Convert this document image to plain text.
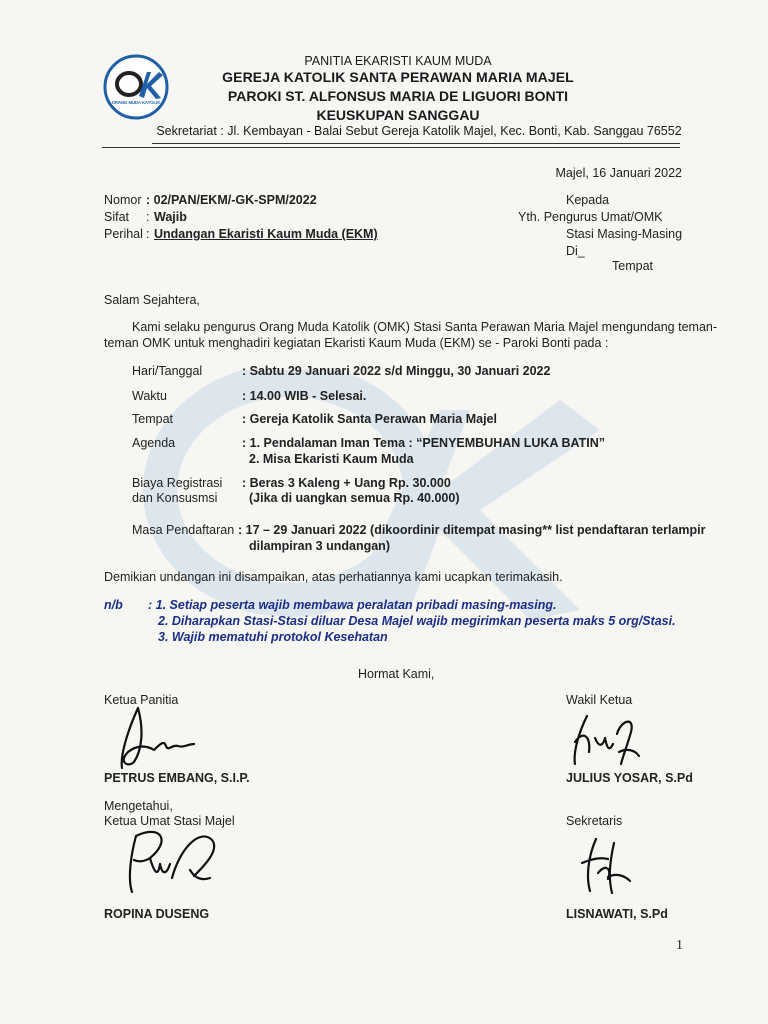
ORANG MUDA KATOLIK
PANITIA EKARISTI KAUM MUDA
GEREJA KATOLIK SANTA PERAWAN MARIA MAJEL
PAROKI ST. ALFONSUS MARIA DE LIGUORI BONTI
KEUSKUPAN SANGGAU
Sekretariat : Jl. Kembayan - Balai Sebut Gereja Katolik Majel, Kec. Bonti, Kab. Sanggau 76552
Majel, 16 Januari 2022
Nomor : 02/PAN/EKM/-GK-SPM/2022
Sifat : Wajib
Perihal : Undangan Ekaristi Kaum Muda (EKM)
Kepada
Yth. Pengurus Umat/OMK
Stasi Masing-Masing
Di_
Tempat
Salam Sejahtera,
Kami selaku pengurus Orang Muda Katolik (OMK) Stasi Santa Perawan Maria Majel mengundang teman-
teman OMK untuk menghadiri kegiatan Ekaristi Kaum Muda (EKM) se - Paroki Bonti pada :
Hari/Tanggal	: Sabtu 29 Januari 2022 s/d Minggu, 30 Januari 2022
Waktu	: 14.00 WIB - Selesai.
Tempat	: Gereja Katolik Santa Perawan Maria Majel
Agenda	: 1. Pendalaman Iman Tema : “PENYEMBUHAN LUKA BATIN”
2. Misa Ekaristi Kaum Muda
Biaya Registrasi
dan Konsusmsi
: Beras 3 Kaleng + Uang Rp. 30.000
(Jika di uangkan semua Rp. 40.000)
Masa Pendaftaran : 17 – 29 Januari 2022 (dikoordinir ditempat masing** list pendaftaran terlampir
dilampiran 3 undangan)
Demikian undangan ini disampaikan, atas perhatiannya kami ucapkan terimakasih.
n/b : 1. Setiap peserta wajib membawa peralatan pribadi masing-masing.
2. Diharapkan Stasi-Stasi diluar Desa Majel wajib megirimkan peserta maks 5 org/Stasi.
3. Wajib mematuhi protokol Kesehatan
Hormat Kami,
Ketua Panitia
PETRUS EMBANG, S.I.P.
Wakil Ketua
JULIUS YOSAR, S.Pd
Mengetahui,
Ketua Umat Stasi Majel
ROPINA DUSENG
Sekretaris
LISNAWATI, S.Pd
1
